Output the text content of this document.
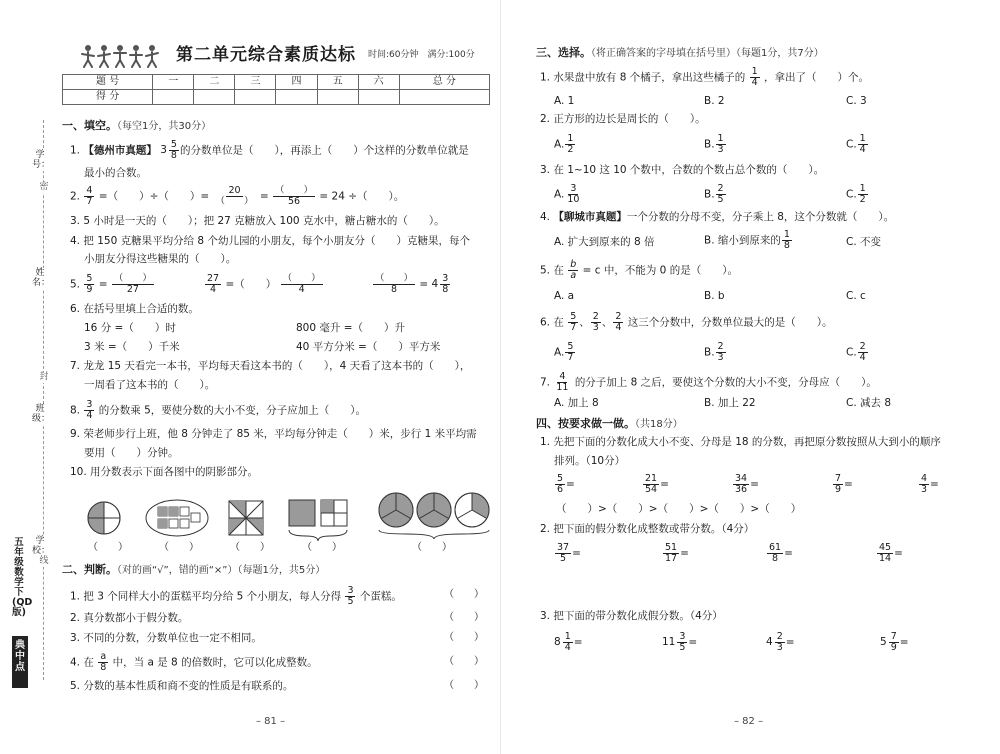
学
号：
姓
名：
班
级：
学
校：
密
封
线
五年级数学下(QD版)
典中点
第二单元综合素质达标 时间:60分钟　满分:100分
题 号	一	二	三	四	五	六	总 分
得 分							
一、填空。（每空1分，共30分）
1. 【德州市真题】 $3 \frac{5}{8}$ 的分数单位是（　　），再添上（　　）个这样的分数单位就是
最小的合数。
2. $\frac{4}{7}$ =（　　）÷（　　）= $\frac{20}{( )} = \frac{( )}{56} = 24$ ÷（　　）。
3. 5 小时是一天的（　　）；把 27 克糖放入 100 克水中，糖占糖水的（　　）。
4. 把 150 克糖果平均分给 8 个幼儿园的小朋友，每个小朋友分（　　）克糖果，每个
小朋友分得这些糖果的（　　）。
5. $\frac{5}{9} = \frac{( )}{27}$	$\frac{27}{4}$ =（　　） $\frac{( )}{4}$	$\frac{( )}{8} = 4 \frac{3}{8}$
6. 在括号里填上合适的数。
16 分 =（　　）时	800 毫升 =（　　）升
3 米 =（　　）千米	40 平方分米 =（　　）平方米
7. 龙龙 15 天看完一本书，平均每天看这本书的（　　），4 天看了这本书的（　　），
一周看了这本书的（　　）。
8. $\frac{3}{4}$ 的分数乘 5，要使分数的大小不变，分子应加上（　　）。
9. 荣老师步行上班，他 8 分钟走了 85 米，平均每分钟走（　　）米，步行 1 米平均需
要用（　　）分钟。
10. 用分数表示下面各图中的阴影部分。
（　　）	（　　）	（　　）	（　　）	（　　）
二、判断。（对的画“√”，错的画“×”）（每题1分，共5分）
1. 把 3 个同样大小的蛋糕平均分给 5 个小朋友，每人分得 $\frac{3}{5}$ 个蛋糕。	（　　）
2. 真分数都小于假分数。	（　　）
3. 不同的分数，分数单位也一定不相同。	（　　）
4. 在 $\frac{a}{8}$ 中，当 a 是 8 的倍数时，它可以化成整数。	（　　）
5. 分数的基本性质和商不变的性质是有联系的。	（　　）
– 81 –
三、选择。（将正确答案的字母填在括号里）（每题1分，共7分）
1. 水果盘中放有 8 个橘子，拿出这些橘子的 $\frac{1}{4}$ ，拿出了（　　）个。
A. 1	B. 2	C. 3
2. 正方形的边长是周长的（　　）。
A. $\frac{1}{2}$	B. $\frac{1}{3}$	C. $\frac{1}{4}$
3. 在 1~10 这 10 个数中，合数的个数占总个数的（　　）。
A. $\frac{3}{10}$	B. $\frac{2}{5}$	C. $\frac{1}{2}$
4. 【聊城市真题】一个分数的分母不变，分子乘上 8，这个分数就（　　）。
A. 扩大到原来的 8 倍	B. 缩小到原来的 $\frac{1}{8}$	C. 不变
5. 在 $\frac{b}{a} = c$ 中，不能为 0 的是（　　）。
A. a	B. b	C. c
6. 在 $\frac{5}{7}$ 、 $\frac{2}{3}$ 、 $\frac{2}{4}$ 这三个分数中，分数单位最大的是（　　）。
A. $\frac{5}{7}$	B. $\frac{2}{3}$	C. $\frac{2}{4}$
7. $\frac{4}{11}$ 的分子加上 8 之后，要使这个分数的大小不变，分母应（　　）。
A. 加上 8	B. 加上 22	C. 减去 8
四、按要求做一做。（共18分）
1. 先把下面的分数化成大小不变、分母是 18 的分数，再把原分数按照从大到小的顺序
排列。（10分）
$\frac{5}{6}$ =	$\frac{21}{54}$ =	$\frac{34}{36}$ =	$\frac{7}{9}$ =	$\frac{4}{3}$ =
（　　）>（　　）>（　　）>（　　）>（　　）
2. 把下面的假分数化成整数或带分数。（4分）
$\frac{37}{5}$ =	$\frac{51}{17}$ =	$\frac{61}{8}$ =	$\frac{45}{14}$ =
3. 把下面的带分数化成假分数。（4分）
$8 \frac{1}{4}$ =	$11 \frac{3}{5}$ =	$4 \frac{2}{3}$ =	$5 \frac{7}{9}$ =
– 82 –
